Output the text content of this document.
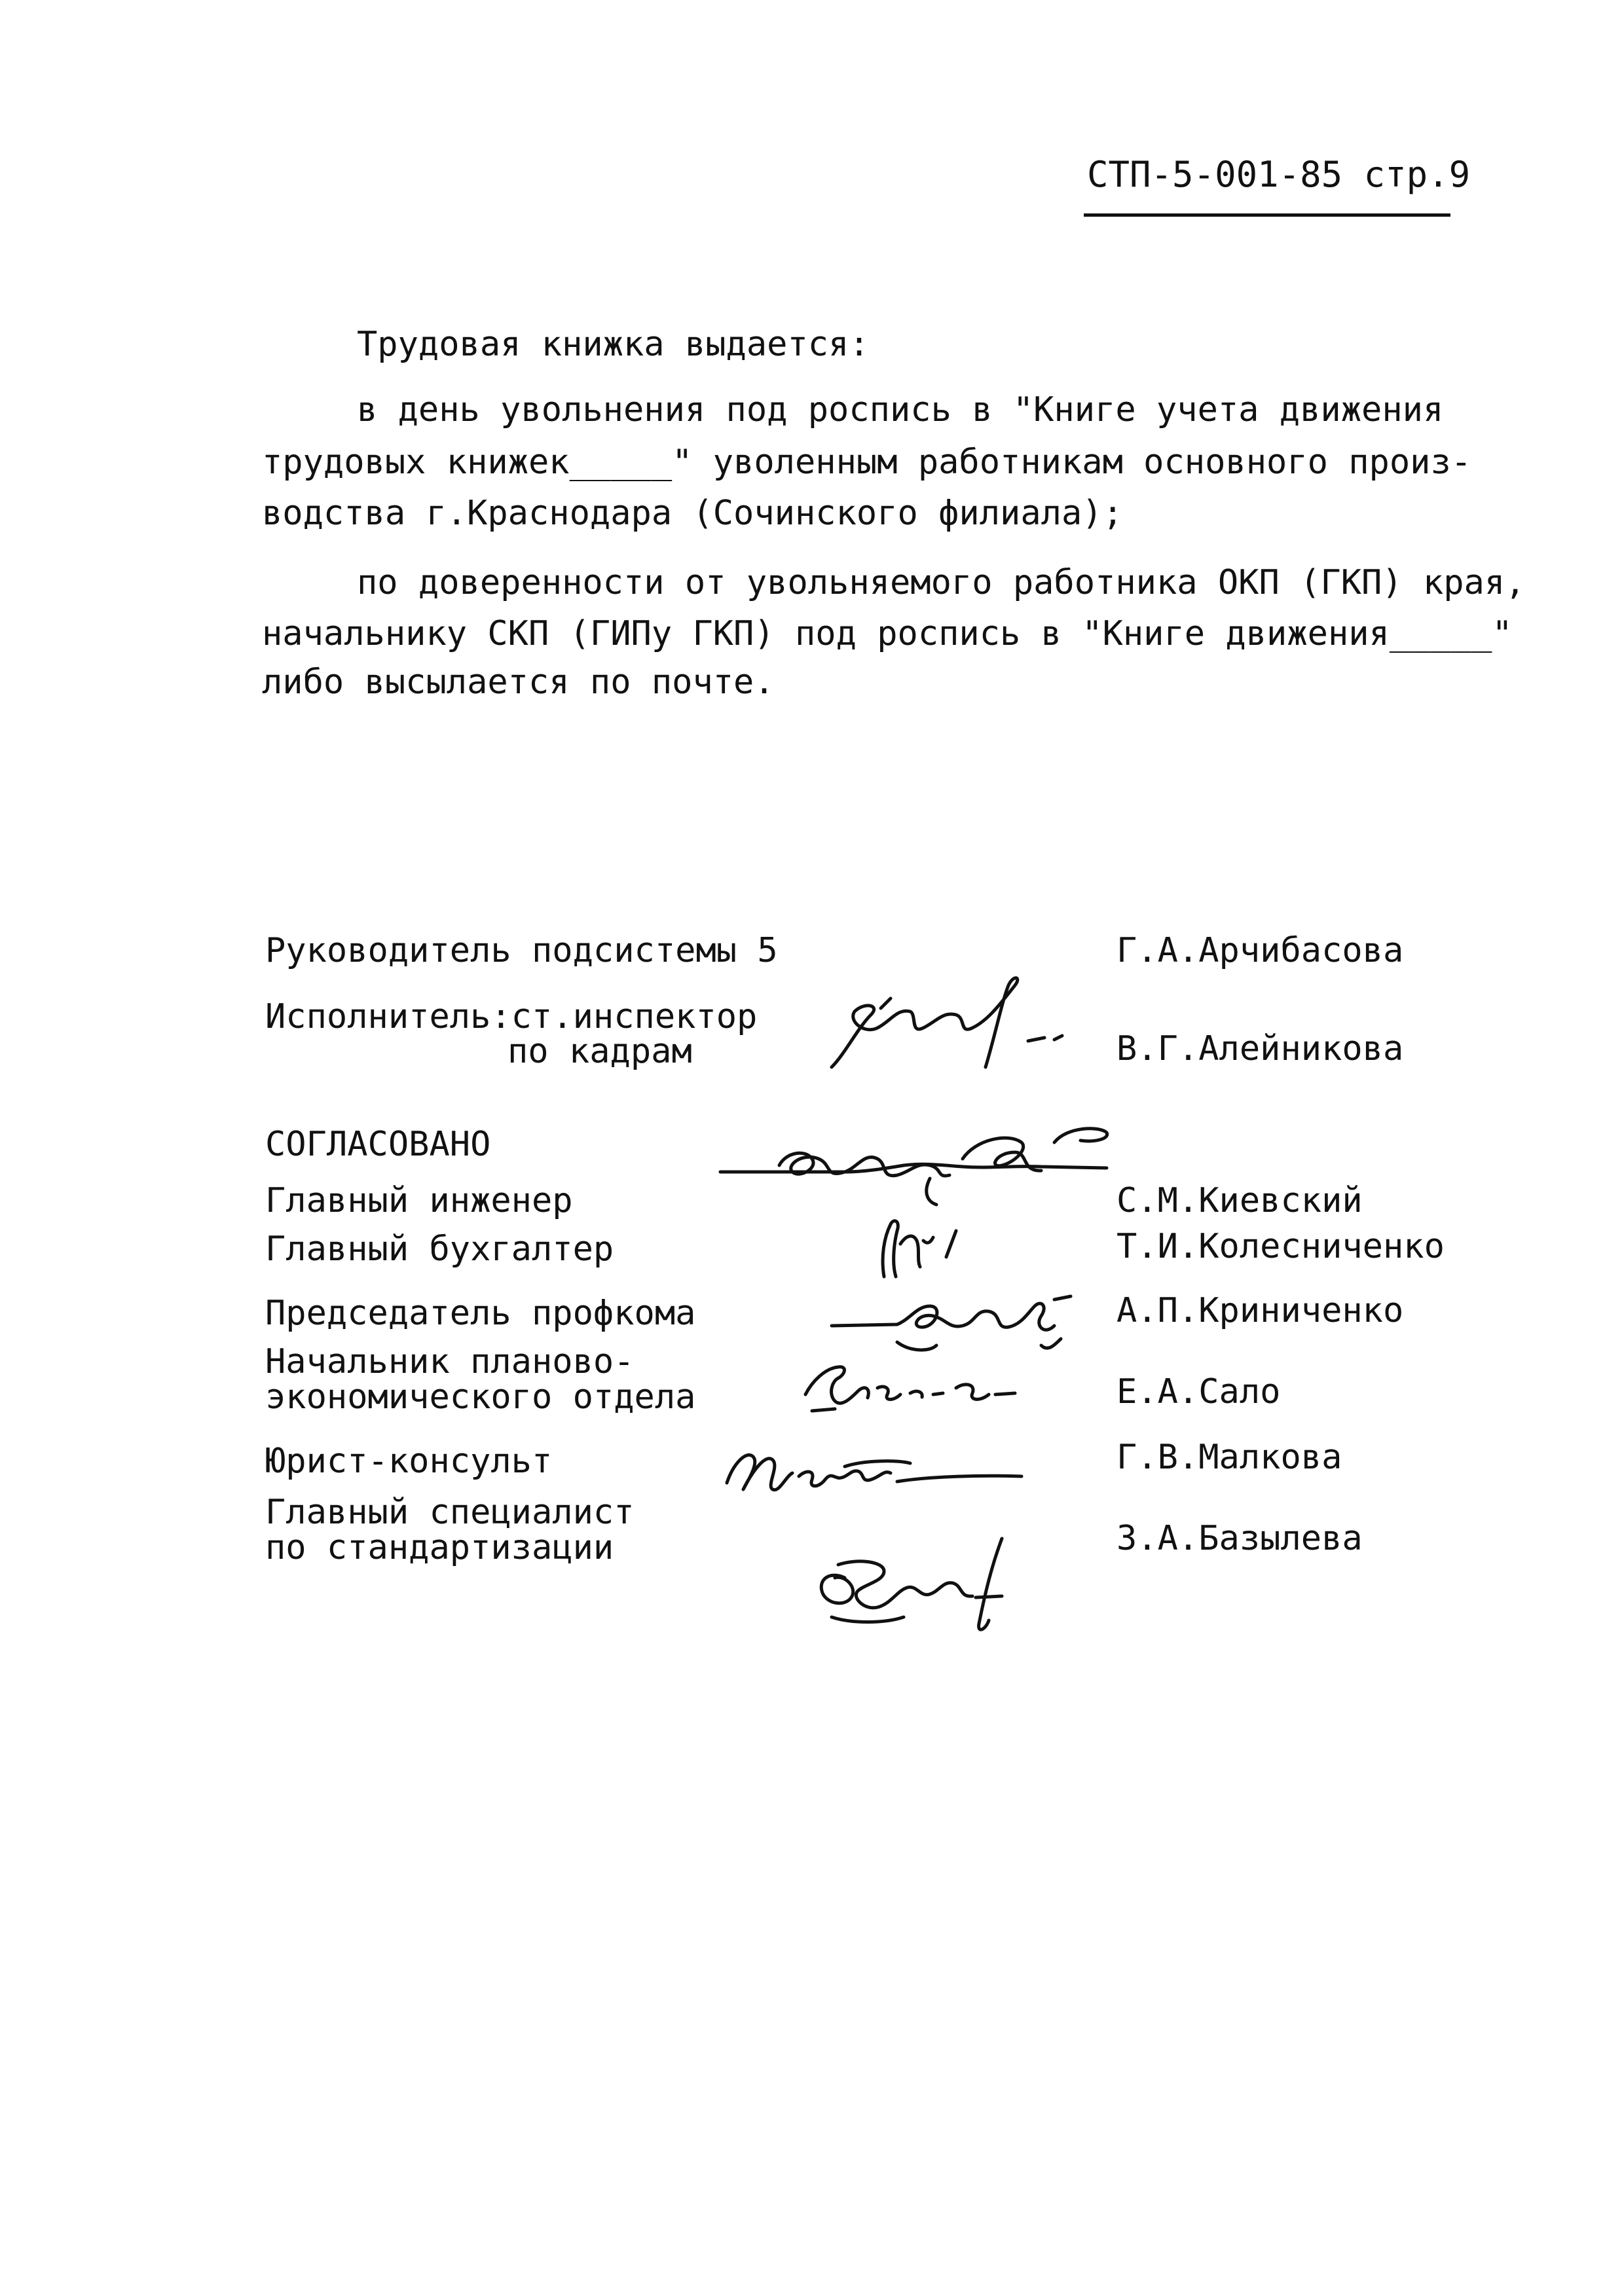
СТП-5-001-85 стр.9
Трудовая книжка выдается:
в день увольнения под роспись в "Книге учета движения
трудовых книжек_____" уволенным работникам основного произ-
водства г.Краснодара (Сочинского филиала);
по доверенности от увольняемого работника ОКП (ГКП) края,
начальнику СКП (ГИПу ГКП) под роспись в "Книге движения_____"
либо высылается по почте.
Руководитель подсистемы 5	Г.А.Арчибасова
Исполнитель:ст.инспектор
по кадрам	В.Г.Алейникова
СОГЛАСОВАНО
Главный инженер	С.М.Киевский
Главный бухгалтер	Т.И.Колесниченко
Председатель профкома	А.П.Криниченко
Начальник планово-
экономического отдела	Е.А.Сало
Юрист-консульт	Г.В.Малкова
Главный специалист
по стандартизации	З.А.Базылева
